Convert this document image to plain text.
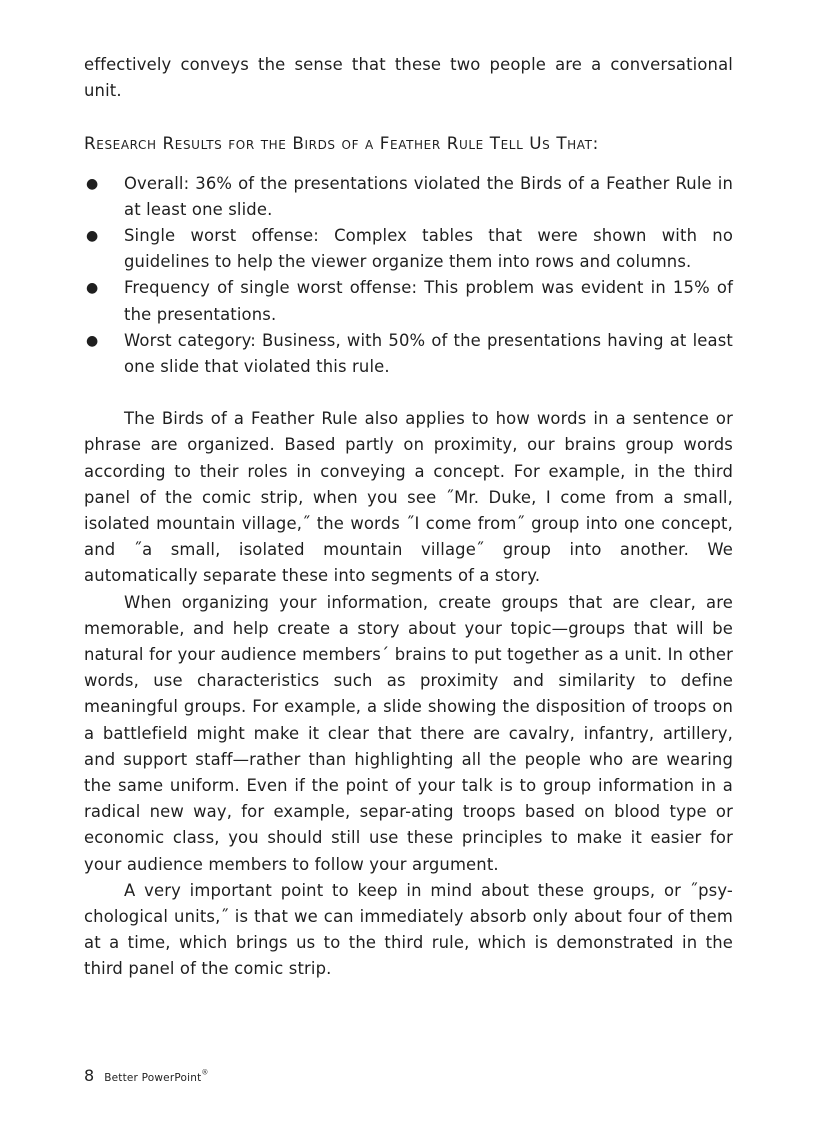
effectively conveys the sense that these two people are a conversational unit.

Research Results for the Birds of a Feather Rule Tell Us That:
● Overall: 36% of the presentations violated the Birds of a Feather Rule in at least one slide.
● Single worst offense: Complex tables that were shown with no guidelines to help the viewer organize them into rows and columns.
● Frequency of single worst offense: This problem was evident in 15% of the presentations.
● Worst category: Business, with 50% of the presentations having at least one slide that violated this rule.

The Birds of a Feather Rule also applies to how words in a sentence or phrase are organized. Based partly on proximity, our brains group words according to their roles in conveying a concept. For example, in the third panel of the comic strip, when you see ˝Mr. Duke, I come from a small, isolated mountain village,˝ the words ˝I come from˝ group into one concept, and ˝a small, isolated mountain village˝ group into another. We automatically separate these into segments of a story.

When organizing your information, create groups that are clear, are memorable, and help create a story about your topic—groups that will be natural for your audience members´ brains to put together as a unit. In other words, use characteristics such as proximity and similarity to define meaningful groups. For example, a slide showing the disposition of troops on a battlefield might make it clear that there are cavalry, infantry, artillery, and support staff—rather than highlighting all the people who are wearing the same uniform. Even if the point of your talk is to group information in a radical new way, for example, separ-ating troops based on blood type or economic class, you should still use these principles to make it easier for your audience members to follow your argument.

A very important point to keep in mind about these groups, or ˝psy-chological units,˝ is that we can immediately absorb only about four of them at a time, which brings us to the third rule, which is demonstrated in the third panel of the comic strip.

8 Better PowerPoint®
